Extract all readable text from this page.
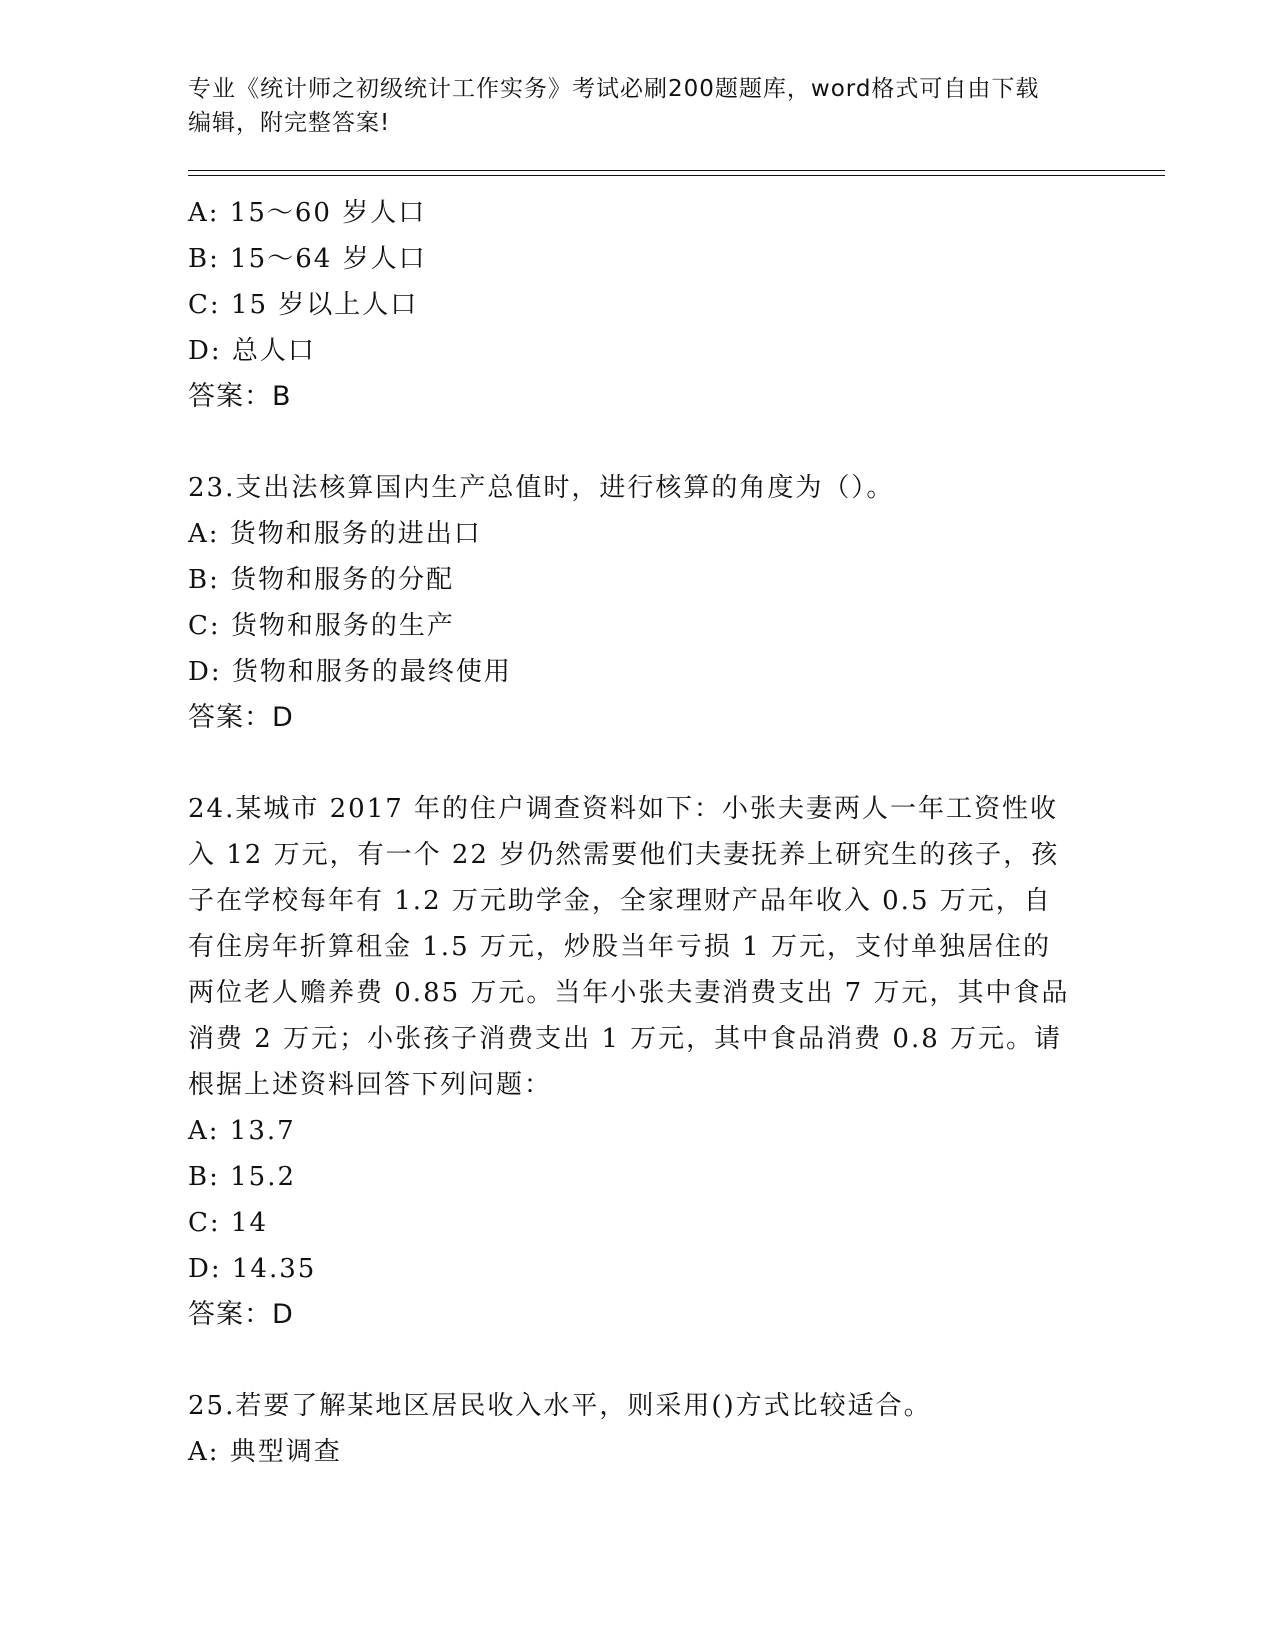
专业《统计师之初级统计工作实务》考试必刷200题题库，word格式可自由下载
编辑，附完整答案!
A: 15～60 岁人口
B: 15～64 岁人口
C: 15 岁以上人口
D: 总人口
答案：B
23.支出法核算国内生产总值时，进行核算的角度为（）。
A: 货物和服务的进出口
B: 货物和服务的分配
C: 货物和服务的生产
D: 货物和服务的最终使用
答案：D
24.某城市 2017 年的住户调查资料如下：小张夫妻两人一年工资性收
入 12 万元，有一个 22 岁仍然需要他们夫妻抚养上研究生的孩子，孩
子在学校每年有 1.2 万元助学金，全家理财产品年收入 0.5 万元，自
有住房年折算租金 1.5 万元，炒股当年亏损 1 万元，支付单独居住的
两位老人赡养费 0.85 万元。当年小张夫妻消费支出 7 万元，其中食品
消费 2 万元；小张孩子消费支出 1 万元，其中食品消费 0.8 万元。请
根据上述资料回答下列问题：
A: 13.7
B: 15.2
C: 14
D: 14.35
答案：D
25.若要了解某地区居民收入水平，则采用()方式比较适合。
A: 典型调查
